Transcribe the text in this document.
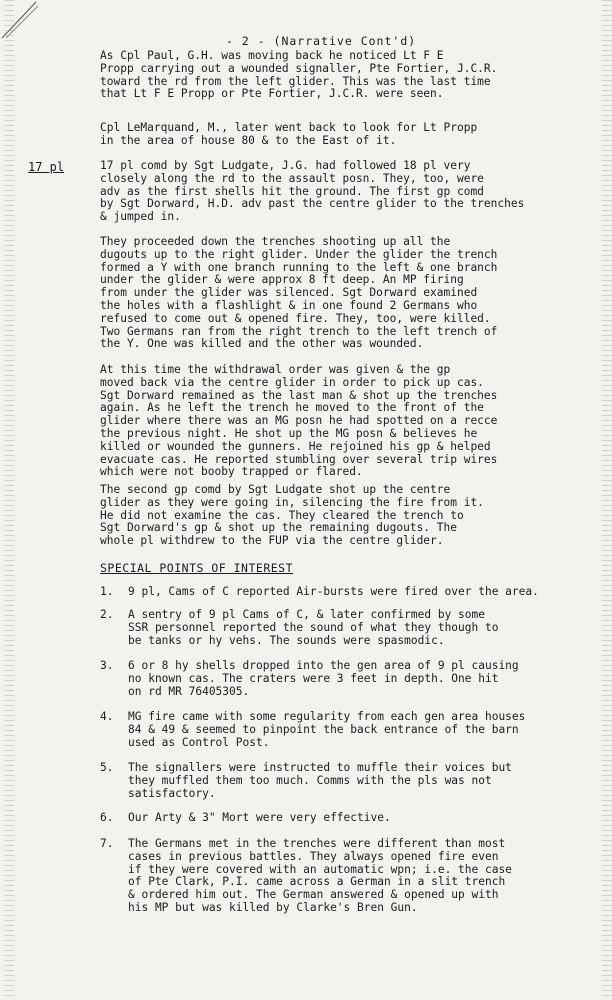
- 2 - (Narrative Cont'd)
17 pl
As Cpl Paul, G.H. was moving back he noticed Lt F E
Propp carrying out a wounded signaller, Pte Fortier, J.C.R.
toward the rd from the left glider. This was the last time
that Lt F E Propp or Pte Fortier, J.C.R. were seen.
Cpl LeMarquand, M., later went back to look for Lt Propp
in the area of house 80 & to the East of it.
17 pl comd by Sgt Ludgate, J.G. had followed 18 pl very
closely along the rd to the assault posn. They, too, were
adv as the first shells hit the ground. The first gp comd
by Sgt Dorward, H.D. adv past the centre glider to the trenches
& jumped in.
They proceeded down the trenches shooting up all the
dugouts up to the right glider. Under the glider the trench
formed a Y with one branch running to the left & one branch
under the glider & were approx 8 ft deep. An MP firing
from under the glider was silenced. Sgt Dorward examined
the holes with a flashlight & in one found 2 Germans who
refused to come out & opened fire. They, too, were killed.
Two Germans ran from the right trench to the left trench of
the Y. One was killed and the other was wounded.
At this time the withdrawal order was given & the gp
moved back via the centre glider in order to pick up cas.
Sgt Dorward remained as the last man & shot up the trenches
again. As he left the trench he moved to the front of the
glider where there was an MG posn he had spotted on a recce
the previous night. He shot up the MG posn & believes he
killed or wounded the gunners. He rejoined his gp & helped
evacuate cas. He reported stumbling over several trip wires
which were not booby trapped or flared.
The second gp comd by Sgt Ludgate shot up the centre
glider as they were going in, silencing the fire from it.
He did not examine the cas. They cleared the trench to
Sgt Dorward's gp & shot up the remaining dugouts. The
whole pl withdrew to the FUP via the centre glider.
SPECIAL POINTS OF INTEREST
1. 9 pl, Cams of C reported Air-bursts were fired over the area.
2. A sentry of 9 pl Cams of C, & later confirmed by some
SSR personnel reported the sound of what they though to
be tanks or hy vehs. The sounds were spasmodic.
3. 6 or 8 hy shells dropped into the gen area of 9 pl causing
no known cas. The craters were 3 feet in depth. One hit
on rd MR 76405305.
4. MG fire came with some regularity from each gen area houses
84 & 49 & seemed to pinpoint the back entrance of the barn
used as Control Post.
5. The signallers were instructed to muffle their voices but
they muffled them too much. Comms with the pls was not
satisfactory.
6. Our Arty & 3" Mort were very effective.
7. The Germans met in the trenches were different than most
cases in previous battles. They always opened fire even
if they were covered with an automatic wpn; i.e. the case
of Pte Clark, P.I. came across a German in a slit trench
& ordered him out. The German answered & opened up with
his MP but was killed by Clarke's Bren Gun.
